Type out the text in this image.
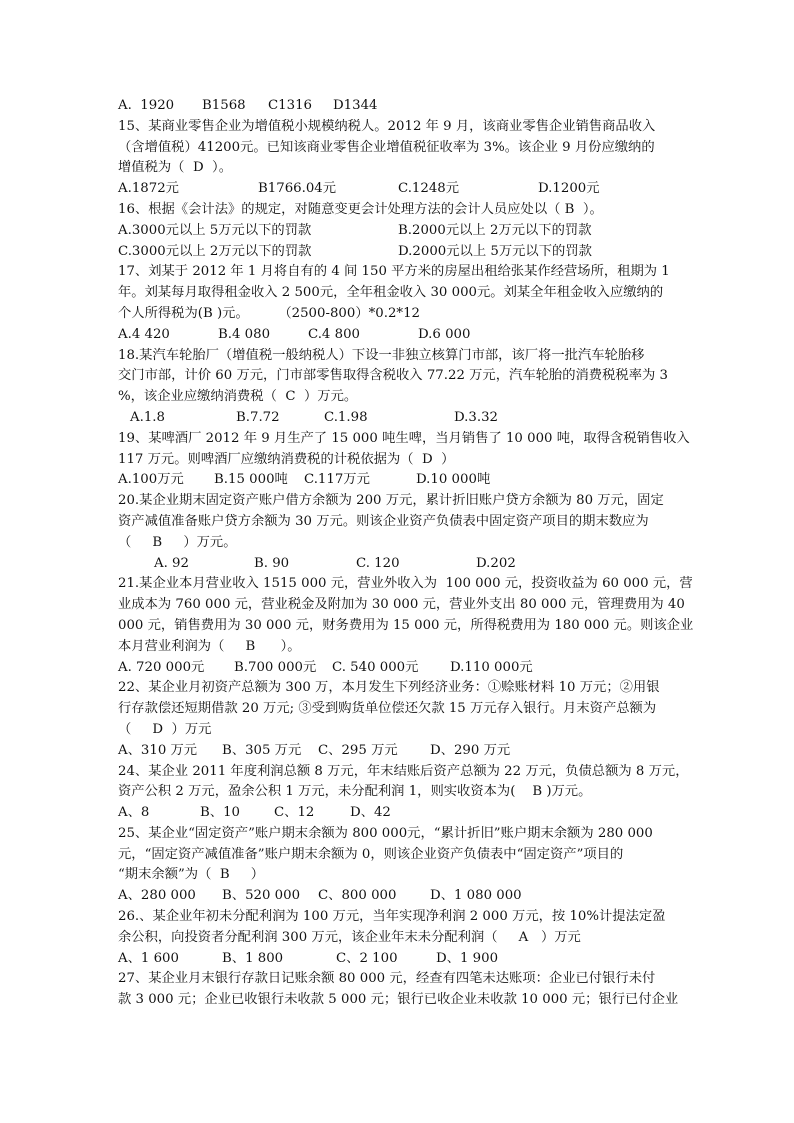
A.  1920 B1568 C1316 D1344
15、某商业零售企业为增值税小规模纳税人。2012 年 9 月，该商业零售企业销售商品收入
（含增值税）41200元。已知该商业零售企业增值税征收率为 3%。该企业 9 月份应缴纳的
增值税为（  D  ）。
A.1872元	B1766.04元	C.1248元	D.1200元
16、根据《会计法》的规定，对随意变更会计处理方法的会计人员应处以（ B  ）。
A.3000元以上 5万元以下的罚款	B.2000元以上 2万元以下的罚款
C.3000元以上 2万元以下的罚款	D.2000元以上 5万元以下的罚款
17、刘某于 2012 年 1 月将自有的 4 间 150 平方米的房屋出租给张某作经营场所，租期为 1
年。刘某每月取得租金收入 2 500元，全年租金收入 30 000元。刘某全年租金收入应缴纳的
个人所得税为(B )元。       （2500-800）*0.2*12
A.4 420	B.4 080	C.4 800	D.6 000
18.某汽车轮胎厂（增值税一般纳税人）下设一非独立核算门市部，该厂将一批汽车轮胎移
交门市部，计价 60 万元，门市部零售取得含税收入 77.22 万元，汽车轮胎的消费税税率为 3
%，该企业应缴纳消费税（  C  ）万元。
A.1.8	B.7.72	C.1.98	D.3.32
19、某啤酒厂 2012 年 9 月生产了 15 000 吨生啤，当月销售了 10 000 吨，取得含税销售收入
117 万元。则啤酒厂应缴纳消费税的计税依据为（  D  ）
A.100万元 B.15 000吨 C.117万元	D.10 000吨
20.某企业期末固定资产账户借方余额为 200 万元，累计折旧账户贷方余额为 80 万元，固定
资产减值准备账户贷方余额为 30 万元。则该企业资产负债表中固定资产项目的期末数应为
（     B     ）万元。
A. 92	B. 90	C. 120	D.202
21.某企业本月营业收入 1515 000 元，营业外收入为  100 000 元，投资收益为 60 000 元，营
业成本为 760 000 元，营业税金及附加为 30 000 元，营业外支出 80 000 元，管理费用为 40
000 元，销售费用为 30 000 元，财务费用为 15 000 元，所得税费用为 180 000 元。则该企业
本月营业利润为（     B      ）。
A. 720 000元 B.700 000元 C. 540 000元 D.110 000元
22、某企业月初资产总额为 300 万，本月发生下列经济业务：①赊账材料 10 万元；②用银
行存款偿还短期借款 20 万元; ③受到购货单位偿还欠款 15 万元存入银行。月末资产总额为
（     D  ）万元
A、310 万元 B、305 万元 C、295 万元 D、290 万元
24、某企业 2011 年度利润总额 8 万元，年末结账后资产总额为 22 万元，负债总额为 8 万元，
资产公积 2 万元，盈余公积 1 万元，未分配利润 1，则实收资本为(    B )万元。
A、8	B、10	C、12	D、42
25、某企业“固定资产”账户期末余额为 800 000元，“累计折旧”账户期末余额为 280 000
元，“固定资产减值准备”账户期末余额为 0，则该企业资产负债表中“固定资产”项目的
“期末余额”为（  B     ）
A、280 000 B、520 000 C、800 000	D、1 080 000
26.、某企业年初未分配利润为 100 万元，当年实现净利润 2 000 万元，按 10%计提法定盈
余公积，向投资者分配利润 300 万元，该企业年末未分配利润（     A   ）万元
A、1 600	B、1 800	C、2 100	D、1 900
27、某企业月末银行存款日记账余额 80 000 元，经查有四笔未达账项：企业已付银行未付
款 3 000 元；企业已收银行未收款 5 000 元；银行已收企业未收款 10 000 元；银行已付企业
